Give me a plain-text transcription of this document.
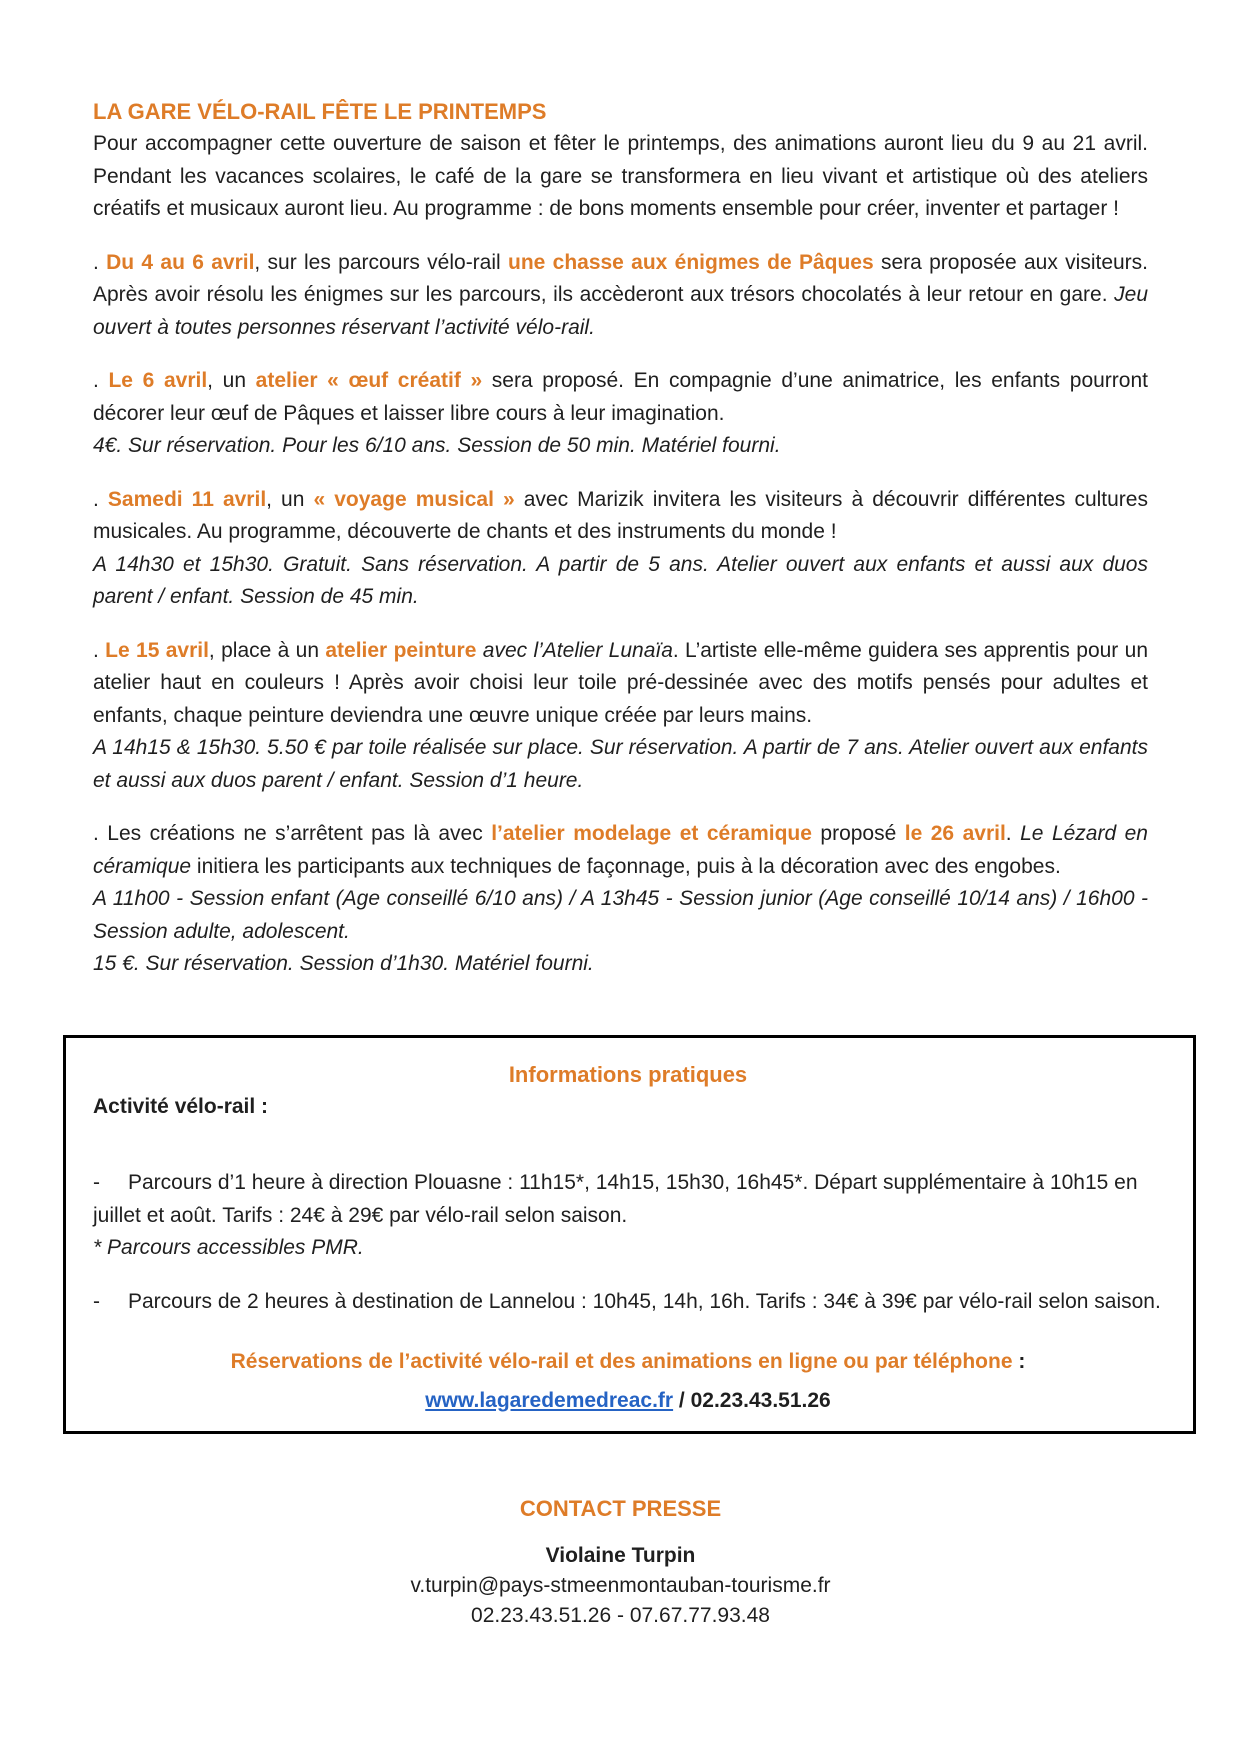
LA GARE VÉLO-RAIL FÊTE LE PRINTEMPS

Pour accompagner cette ouverture de saison et fêter le printemps, des animations auront lieu du 9 au 21 avril. Pendant les vacances scolaires, le café de la gare se transformera en lieu vivant et artistique où des ateliers créatifs et musicaux auront lieu. Au programme : de bons moments ensemble pour créer, inventer et partager !

. Du 4 au 6 avril, sur les parcours vélo-rail une chasse aux énigmes de Pâques sera proposée aux visiteurs. Après avoir résolu les énigmes sur les parcours, ils accèderont aux trésors chocolatés à leur retour en gare. Jeu ouvert à toutes personnes réservant l’activité vélo-rail.

. Le 6 avril, un atelier « œuf créatif » sera proposé. En compagnie d’une animatrice, les enfants pourront décorer leur œuf de Pâques et laisser libre cours à leur imagination.

4€. Sur réservation. Pour les 6/10 ans. Session de 50 min. Matériel fourni.

. Samedi 11 avril, un « voyage musical » avec Marizik invitera les visiteurs à découvrir différentes cultures musicales. Au programme, découverte de chants et des instruments du monde !

A 14h30 et 15h30. Gratuit. Sans réservation. A partir de 5 ans. Atelier ouvert aux enfants et aussi aux duos parent / enfant. Session de 45 min.

. Le 15 avril, place à un atelier peinture avec l’Atelier Lunaïa. L’artiste elle-même guidera ses apprentis pour un atelier haut en couleurs ! Après avoir choisi leur toile pré-dessinée avec des motifs pensés pour adultes et enfants, chaque peinture deviendra une œuvre unique créée par leurs mains.

A 14h15 & 15h30. 5.50 € par toile réalisée sur place. Sur réservation. A partir de 7 ans. Atelier ouvert aux enfants et aussi aux duos parent / enfant. Session d’1 heure.

. Les créations ne s’arrêtent pas là avec l’atelier modelage et céramique proposé le 26 avril. Le Lézard en céramique initiera les participants aux techniques de façonnage, puis à la décoration avec des engobes.

A 11h00 - Session enfant (Age conseillé 6/10 ans) / A 13h45 - Session junior (Age conseillé 10/14 ans) / 16h00 - Session adulte, adolescent.

15 €. Sur réservation. Session d’1h30. Matériel fourni.

Informations pratiques

Activité vélo-rail :

- Parcours d’1 heure à direction Plouasne : 11h15*, 14h15, 15h30, 16h45*. Départ supplémentaire à 10h15 en juillet et août. Tarifs : 24€ à 29€ par vélo-rail selon saison.

* Parcours accessibles PMR.

- Parcours de 2 heures à destination de Lannelou : 10h45, 14h, 16h. Tarifs : 34€ à 39€ par vélo-rail selon saison.

Réservations de l’activité vélo-rail et des animations en ligne ou par téléphone :

www.lagaredemedreac.fr / 02.23.43.51.26

CONTACT PRESSE

Violaine Turpin

v.turpin@pays-stmeenmontauban-tourisme.fr

02.23.43.51.26 - 07.67.77.93.48
